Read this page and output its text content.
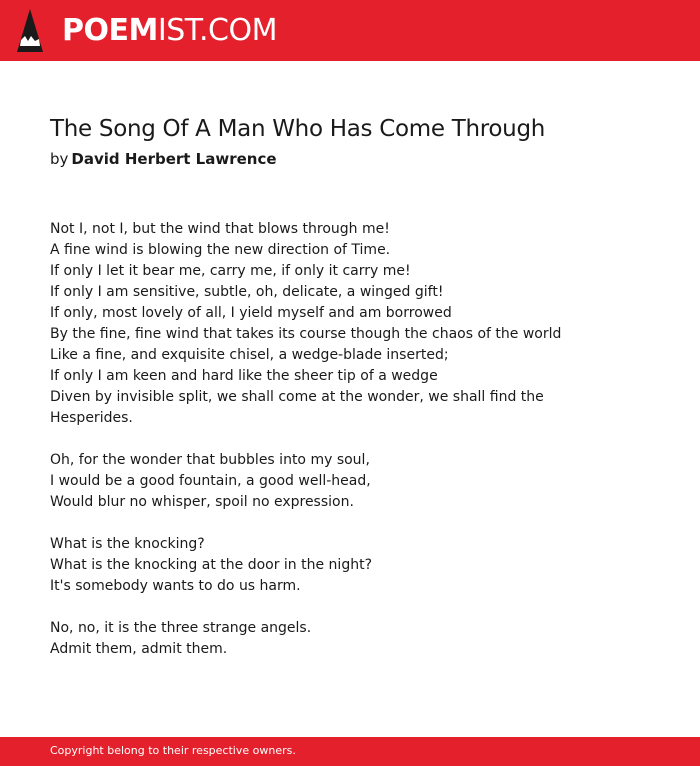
POEMIST.COM
The Song Of A Man Who Has Come Through
by David Herbert Lawrence
Not I, not I, but the wind that blows through me!
A fine wind is blowing the new direction of Time.
If only I let it bear me, carry me, if only it carry me!
If only I am sensitive, subtle, oh, delicate, a winged gift!
If only, most lovely of all, I yield myself and am borrowed
By the fine, fine wind that takes its course though the chaos of the world
Like a fine, and exquisite chisel, a wedge-blade inserted;
If only I am keen and hard like the sheer tip of a wedge
Diven by invisible split, we shall come at the wonder, we shall find the
Hesperides.
Oh, for the wonder that bubbles into my soul,
I would be a good fountain, a good well-head,
Would blur no whisper, spoil no expression.
What is the knocking?
What is the knocking at the door in the night?
It's somebody wants to do us harm.
No, no, it is the three strange angels.
Admit them, admit them.
Copyright belong to their respective owners.
